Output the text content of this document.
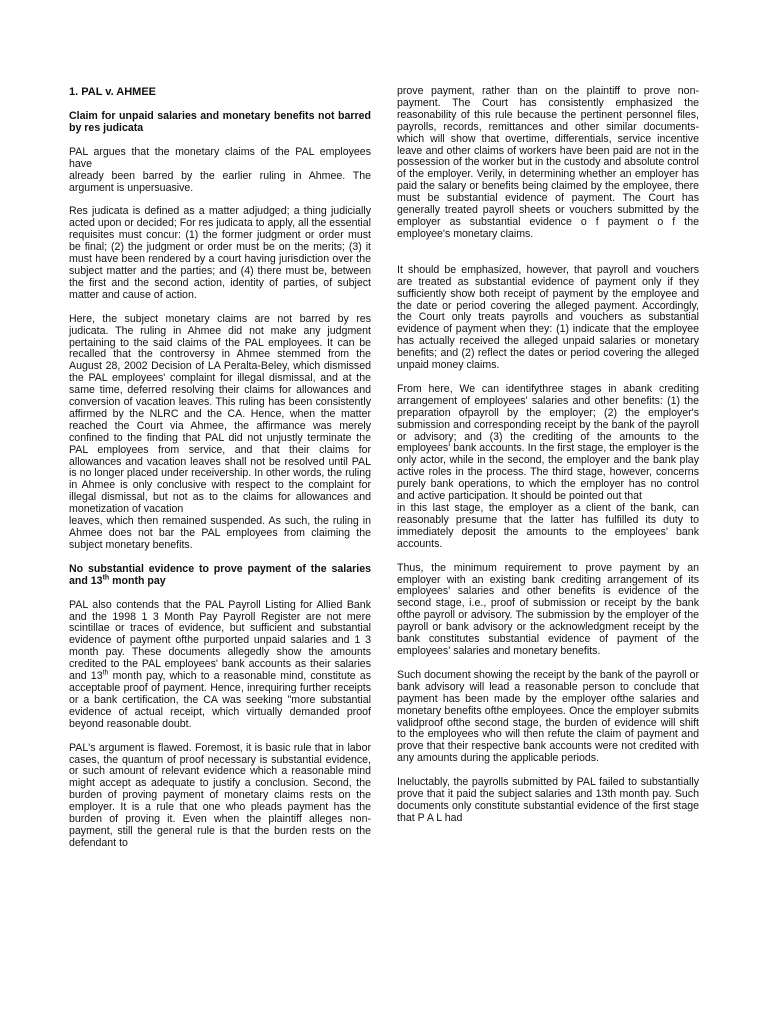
1. PAL v. AHMEE
Claim for unpaid salaries and monetary benefits not barred by res judicata

PAL argues that the monetary claims of the PAL employees have

already been barred by the earlier ruling in Ahmee. The argument is unpersuasive.

Res judicata is defined as a matter adjudged; a thing judicially acted upon or decided; For res judicata to apply, all the essential requisites must concur: (1) the former judgment or order must be final; (2) the judgment or order must be on the merits; (3) it must have been rendered by a court having jurisdiction over the subject matter and the parties; and (4) there must be, between the first and the second action, identity of parties, of subject matter and cause of action.

Here, the subject monetary claims are not barred by res judicata. The ruling in Ahmee did not make any judgment pertaining to the said claims of the PAL employees. It can be recalled that the controversy in Ahmee stemmed from the August 28, 2002 Decision of LA Peralta-Beley, which dismissed the PAL employees' complaint for illegal dismissal, and at the same time, deferred resolving their claims for allowances and conversion of vacation leaves. This ruling has been consistently affirmed by the NLRC and the CA. Hence, when the matter reached the Court via Ahmee, the affirmance was merely confined to the finding that PAL did not unjustly terminate the PAL employees from service, and that their claims for allowances and vacation leaves shall not be resolved until PAL is no longer placed under receivership. In other words, the ruling in Ahmee is only conclusive with respect to the complaint for illegal dismissal, but not as to the claims for allowances and monetization of vacation

leaves, which then remained suspended. As such, the ruling in Ahmee does not bar the PAL employees from claiming the subject monetary benefits.

No substantial evidence to prove payment of the salaries and 13th month pay

PAL also contends that the PAL Payroll Listing for Allied Bank and the 1998 1 3 Month Pay Payroll Register are not mere scintillae or traces of evidence, but sufficient and substantial evidence of payment ofthe purported unpaid salaries and 1 3 month pay. These documents allegedly show the amounts credited to the PAL employees' bank accounts as their salaries and 13th month pay, which to a reasonable mind, constitute as acceptable proof of payment. Hence, inrequiring further receipts or a bank certification, the CA was seeking "more substantial evidence of actual receipt, which virtually demanded proof beyond reasonable doubt.

PAL's argument is flawed. Foremost, it is basic rule that in labor cases, the quantum of proof necessary is substantial evidence, or such amount of relevant evidence which a reasonable mind might accept as adequate to justify a conclusion. Second, the burden of proving payment of monetary claims rests on the employer. It is a rule that one who pleads payment has the burden of proving it. Even when the plaintiff alleges non-payment, still the general rule is that the burden rests on the defendant to

prove payment, rather than on the plaintiff to prove non-payment. The Court has consistently emphasized the reasonability of this rule because the pertinent personnel files, payrolls, records, remittances and other similar documents- which will show that overtime, differentials, service incentive leave and other claims of workers have been paid are not in the possession of the worker but in the custody and absolute control of the employer. Verily, in determining whether an employer has paid the salary or benefits being claimed by the employee, there must be substantial evidence of payment. The Court has generally treated payroll sheets or vouchers submitted by the employer as substantial evidence o f payment o f the employee's monetary claims.

It should be emphasized, however, that payroll and vouchers are treated as substantial evidence of payment only if they sufficiently show both receipt of payment by the employee and the date or period covering the alleged payment. Accordingly, the Court only treats payrolls and vouchers as substantial evidence of payment when they: (1) indicate that the employee has actually received the alleged unpaid salaries or monetary benefits; and (2) reflect the dates or period covering the alleged unpaid money claims.

From here, We can identifythree stages in abank crediting arrangement of employees' salaries and other benefits: (1) the preparation ofpayroll by the employer; (2) the employer's submission and corresponding receipt by the bank of the payroll or advisory; and (3) the crediting of the amounts to the employees' bank accounts. In the first stage, the employer is the only actor, while in the second, the employer and the bank play active roles in the process. The third stage, however, concerns purely bank operations, to which the employer has no control and active participation. It should be pointed out that

in this last stage, the employer as a client of the bank, can reasonably presume that the latter has fulfilled its duty to immediately deposit the amounts to the employees' bank accounts.

Thus, the minimum requirement to prove payment by an employer with an existing bank crediting arrangement of its employees' salaries and other benefits is evidence of the second stage, i.e., proof of submission or receipt by the bank ofthe payroll or advisory. The submission by the employer of the payroll or bank advisory or the acknowledgment receipt by the bank constitutes substantial evidence of payment of the employees' salaries and monetary benefits.

Such document showing the receipt by the bank of the payroll or bank advisory will lead a reasonable person to conclude that payment has been made by the employer ofthe salaries and monetary benefits ofthe employees. Once the employer submits validproof ofthe second stage, the burden of evidence will shift to the employees who will then refute the claim of payment and prove that their respective bank accounts were not credited with any amounts during the applicable periods.

Ineluctably, the payrolls submitted by PAL failed to substantially prove that it paid the subject salaries and 13th month pay. Such documents only constitute substantial evidence of the first stage that P A L had
